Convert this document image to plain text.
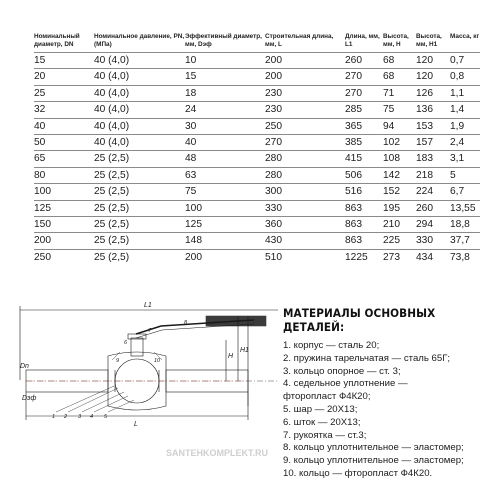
Номинальный диаметр, DN	Номинальное давление, PN, (МПа)	Эффективный диаметр, мм, Dэф	Строительная длина, мм, L	Длина, мм, L1	Высота, мм, H	Высота, мм, H1	Масса, кг
15	40 (4,0)	10	200	260	68	120	0,7
20	40 (4,0)	15	200	270	68	120	0,8
25	40 (4,0)	18	230	270	71	126	1,1
32	40 (4,0)	24	230	285	75	136	1,4
40	40 (4,0)	30	250	365	94	153	1,9
50	40 (4,0)	40	270	385	102	157	2,4
65	25 (2,5)	48	280	415	108	183	3,1
80	25 (2,5)	63	280	506	142	218	5
100	25 (2,5)	75	300	516	152	224	6,7
125	25 (2,5)	100	330	863	195	260	13,55
150	25 (2,5)	125	360	863	210	294	18,8
200	25 (2,5)	148	430	863	225	330	37,7
250	25 (2,5)	200	510	1225	273	434	73,8
L1
H
H1
L
Dn
Dэф
1 2 3 4 5
6
7
8
9	10
SANTEHKOMPLEKT.RU
МАТЕРИАЛЫ ОСНОВНЫХ ДЕТАЛЕЙ:
1. корпус — сталь 20;
2. пружина тарельчатая — сталь 65Г;
3. кольцо опорное — ст. 3;
4. седельное уплотнение —
фторопласт Ф4К20;
5. шар — 20Х13;
6. шток — 20Х13;
7. рукоятка — ст.3;
8. кольцо уплотнительное — эластомер;
9. кольцо уплотнительное — эластомер;
10. кольцо — фторопласт Ф4К20.
